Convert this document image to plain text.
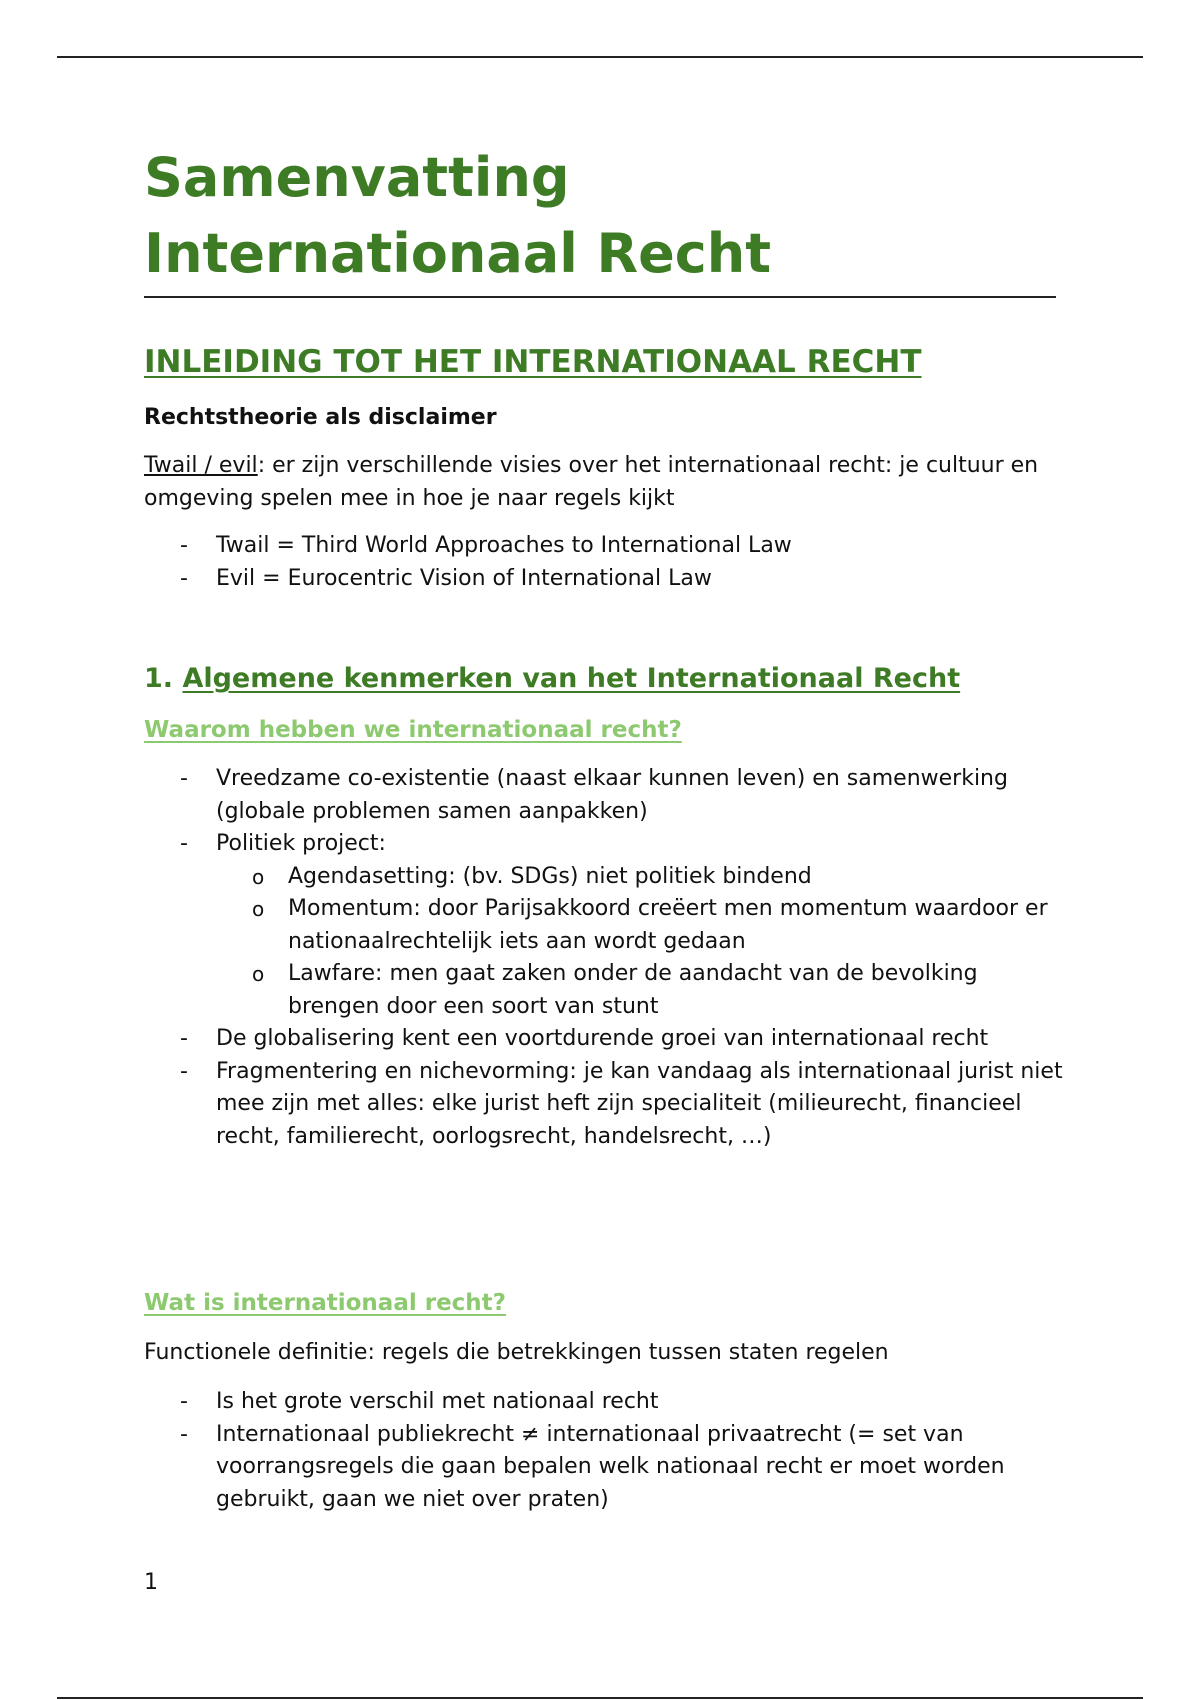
Samenvatting
Internationaal Recht
INLEIDING TOT HET INTERNATIONAAL RECHT
Rechtstheorie als disclaimer

Twail / evil: er zijn verschillende visies over het internationaal recht: je cultuur en omgeving spelen mee in hoe je naar regels kijkt

- Twail = Third World Approaches to International Law
- Evil = Eurocentric Vision of International Law
1. Algemene kenmerken van het Internationaal Recht
Waarom hebben we internationaal recht?
- Vreedzame co-existentie (naast elkaar kunnen leven) en samenwerking (globale problemen samen aanpakken)
- Politiek project:
o Agendasetting: (bv. SDGs) niet politiek bindend
o Momentum: door Parijsakkoord creëert men momentum waardoor er nationaalrechtelijk iets aan wordt gedaan
o Lawfare: men gaat zaken onder de aandacht van de bevolking brengen door een soort van stunt
- De globalisering kent een voortdurende groei van internationaal recht
- Fragmentering en nichevorming: je kan vandaag als internationaal jurist niet mee zijn met alles: elke jurist heft zijn specialiteit (milieurecht, financieel recht, familierecht, oorlogsrecht, handelsrecht, …)
Wat is internationaal recht?

Functionele definitie: regels die betrekkingen tussen staten regelen

- Is het grote verschil met nationaal recht
- Internationaal publiekrecht ≠ internationaal privaatrecht (= set van voorrangsregels die gaan bepalen welk nationaal recht er moet worden gebruikt, gaan we niet over praten)
1
